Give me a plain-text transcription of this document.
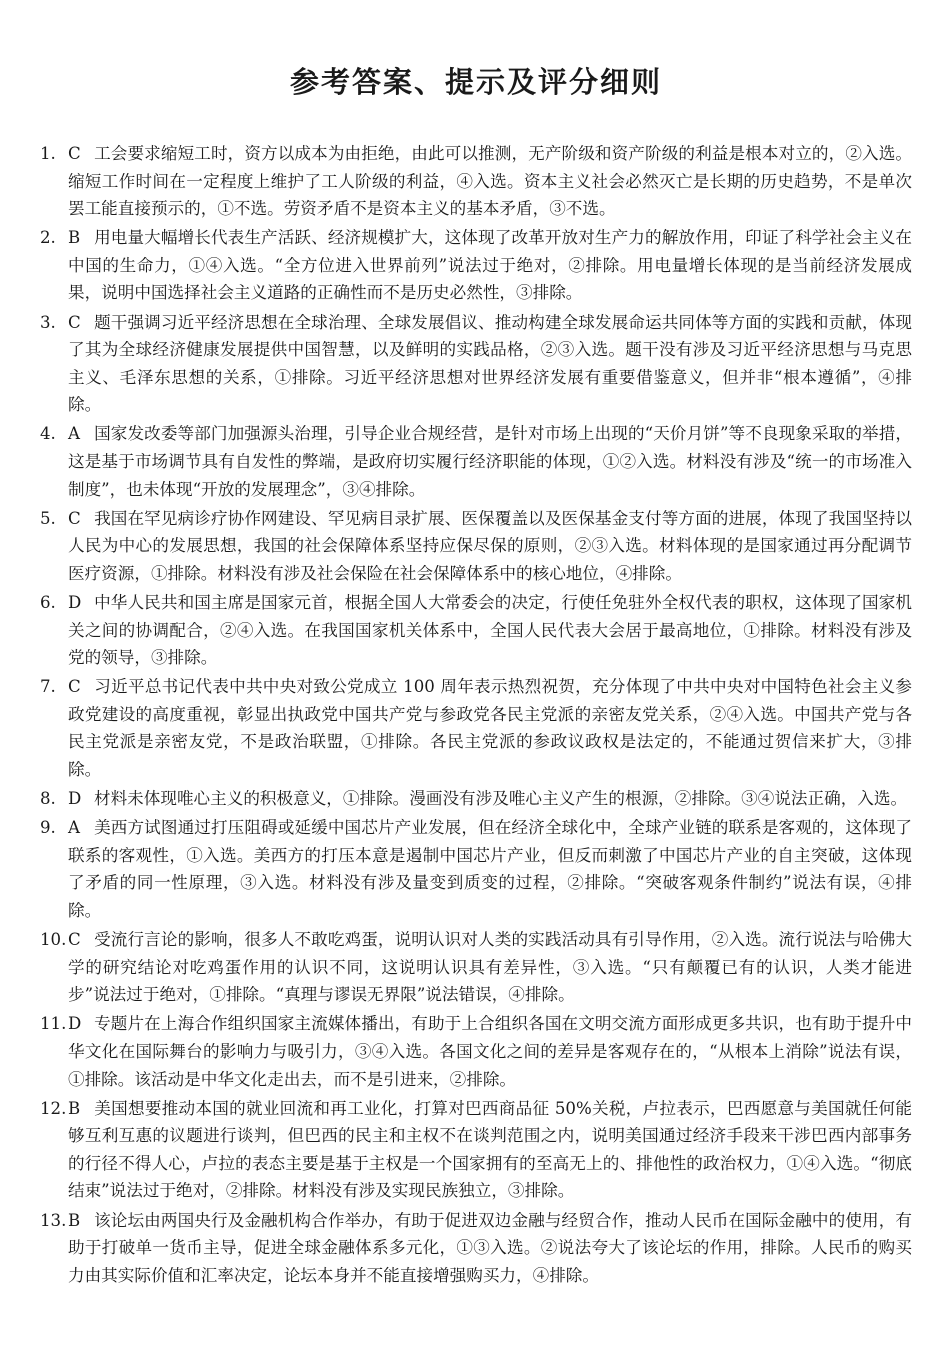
参考答案、提示及评分细则
1. C 工会要求缩短工时，资方以成本为由拒绝，由此可以推测，无产阶级和资产阶级的利益是根本对立的，②入选。缩短工作时间在一定程度上维护了工人阶级的利益，④入选。资本主义社会必然灭亡是长期的历史趋势，不是单次罢工能直接预示的，①不选。劳资矛盾不是资本主义的基本矛盾，③不选。
2. B 用电量大幅增长代表生产活跃、经济规模扩大，这体现了改革开放对生产力的解放作用，印证了科学社会主义在中国的生命力，①④入选。“全方位进入世界前列”说法过于绝对，②排除。用电量增长体现的是当前经济发展成果，说明中国选择社会主义道路的正确性而不是历史必然性，③排除。
3. C 题干强调习近平经济思想在全球治理、全球发展倡议、推动构建全球发展命运共同体等方面的实践和贡献，体现了其为全球经济健康发展提供中国智慧，以及鲜明的实践品格，②③入选。题干没有涉及习近平经济思想与马克思主义、毛泽东思想的关系，①排除。习近平经济思想对世界经济发展有重要借鉴意义，但并非“根本遵循”，④排除。
4. A 国家发改委等部门加强源头治理，引导企业合规经营，是针对市场上出现的“天价月饼”等不良现象采取的举措，这是基于市场调节具有自发性的弊端，是政府切实履行经济职能的体现，①②入选。材料没有涉及“统一的市场准入制度”，也未体现“开放的发展理念”，③④排除。
5. C 我国在罕见病诊疗协作网建设、罕见病目录扩展、医保覆盖以及医保基金支付等方面的进展，体现了我国坚持以人民为中心的发展思想，我国的社会保障体系坚持应保尽保的原则，②③入选。材料体现的是国家通过再分配调节医疗资源，①排除。材料没有涉及社会保险在社会保障体系中的核心地位，④排除。
6. D 中华人民共和国主席是国家元首，根据全国人大常委会的决定，行使任免驻外全权代表的职权，这体现了国家机关之间的协调配合，②④入选。在我国国家机关体系中，全国人民代表大会居于最高地位，①排除。材料没有涉及党的领导，③排除。
7. C 习近平总书记代表中共中央对致公党成立 100 周年表示热烈祝贺，充分体现了中共中央对中国特色社会主义参政党建设的高度重视，彰显出执政党中国共产党与参政党各民主党派的亲密友党关系，②④入选。中国共产党与各民主党派是亲密友党，不是政治联盟，①排除。各民主党派的参政议政权是法定的，不能通过贺信来扩大，③排除。
8. D 材料未体现唯心主义的积极意义，①排除。漫画没有涉及唯心主义产生的根源，②排除。③④说法正确，入选。
9. A 美西方试图通过打压阻碍或延缓中国芯片产业发展，但在经济全球化中，全球产业链的联系是客观的，这体现了联系的客观性，①入选。美西方的打压本意是遏制中国芯片产业，但反而刺激了中国芯片产业的自主突破，这体现了矛盾的同一性原理，③入选。材料没有涉及量变到质变的过程，②排除。“突破客观条件制约”说法有误，④排除。
10.C 受流行言论的影响，很多人不敢吃鸡蛋，说明认识对人类的实践活动具有引导作用，②入选。流行说法与哈佛大学的研究结论对吃鸡蛋作用的认识不同，这说明认识具有差异性，③入选。“只有颠覆已有的认识，人类才能进步”说法过于绝对，①排除。“真理与谬误无界限”说法错误，④排除。
11.D 专题片在上海合作组织国家主流媒体播出，有助于上合组织各国在文明交流方面形成更多共识，也有助于提升中华文化在国际舞台的影响力与吸引力，③④入选。各国文化之间的差异是客观存在的，“从根本上消除”说法有误，①排除。该活动是中华文化走出去，而不是引进来，②排除。
12.B 美国想要推动本国的就业回流和再工业化，打算对巴西商品征 50%关税，卢拉表示，巴西愿意与美国就任何能够互利互惠的议题进行谈判，但巴西的民主和主权不在谈判范围之内，说明美国通过经济手段来干涉巴西内部事务的行径不得人心，卢拉的表态主要是基于主权是一个国家拥有的至高无上的、排他性的政治权力，①④入选。“彻底结束”说法过于绝对，②排除。材料没有涉及实现民族独立，③排除。
13.B 该论坛由两国央行及金融机构合作举办，有助于促进双边金融与经贸合作，推动人民币在国际金融中的使用，有助于打破单一货币主导，促进全球金融体系多元化，①③入选。②说法夸大了该论坛的作用，排除。人民币的购买力由其实际价值和汇率决定，论坛本身并不能直接增强购买力，④排除。
